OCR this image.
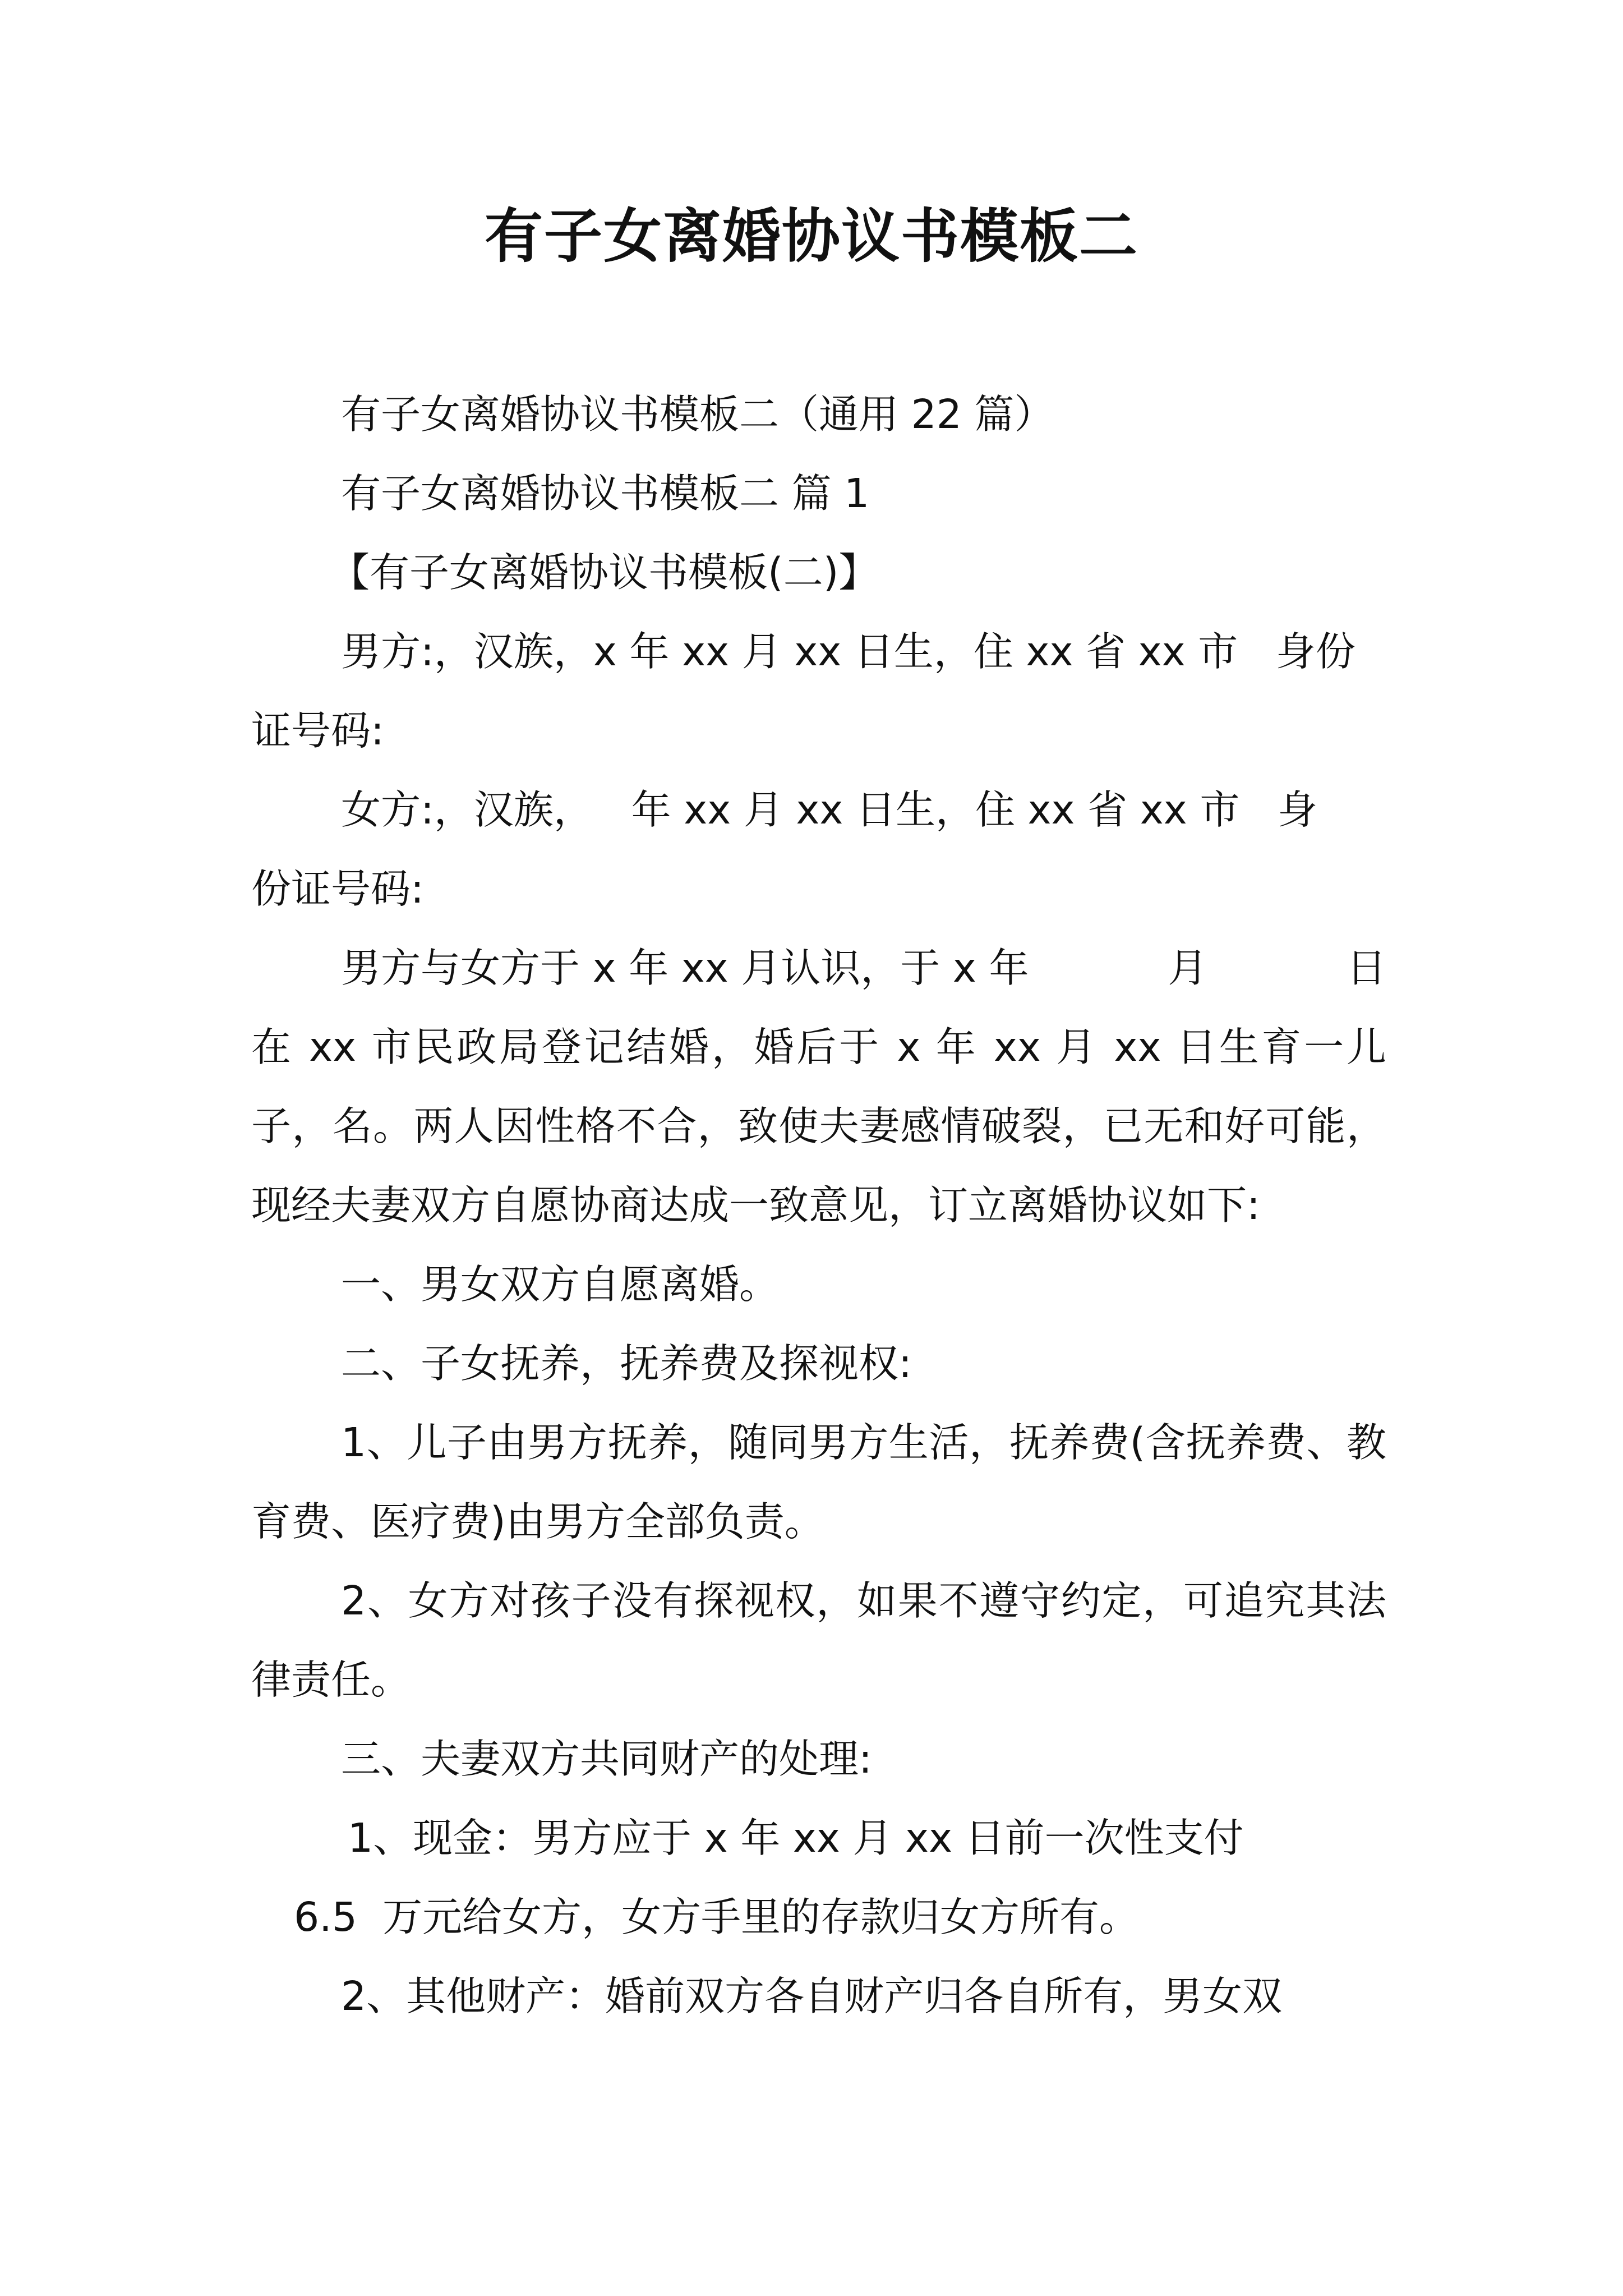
有子女离婚协议书模板二

有子女离婚协议书模板二（通用 22 篇）

有子女离婚协议书模板二 篇 1

【有子女离婚协议书模板(二)】

男方:，汉族，x 年 xx 月 xx 日生，住 xx 省 xx 市   身份
证号码:
女方:，汉族，   年 xx 月 xx 日生，住 xx 省 xx 市   身
份证号码:
男方与女方于 x 年 xx 月认识，于 x 年	月	日

在 xx 市民政局登记结婚，婚后于 x 年 xx 月 xx 日生育一儿子，名。两人因性格不合，致使夫妻感情破裂，已无和好可能，现经夫妻双方自愿协商达成一致意见，订立离婚协议如下:

一、男女双方自愿离婚。

二、子女抚养，抚养费及探视权:

1、儿子由男方抚养，随同男方生活，抚养费(含抚养费、教育费、医疗费)由男方全部负责。

2、女方对孩子没有探视权，如果不遵守约定，可追究其法律责任。

三、夫妻双方共同财产的处理:

1、现金：男方应于 x 年 xx 月 xx 日前一次性支付
6.5  万元给女方，女方手里的存款归女方所有。

2、其他财产：婚前双方各自财产归各自所有，男女双
